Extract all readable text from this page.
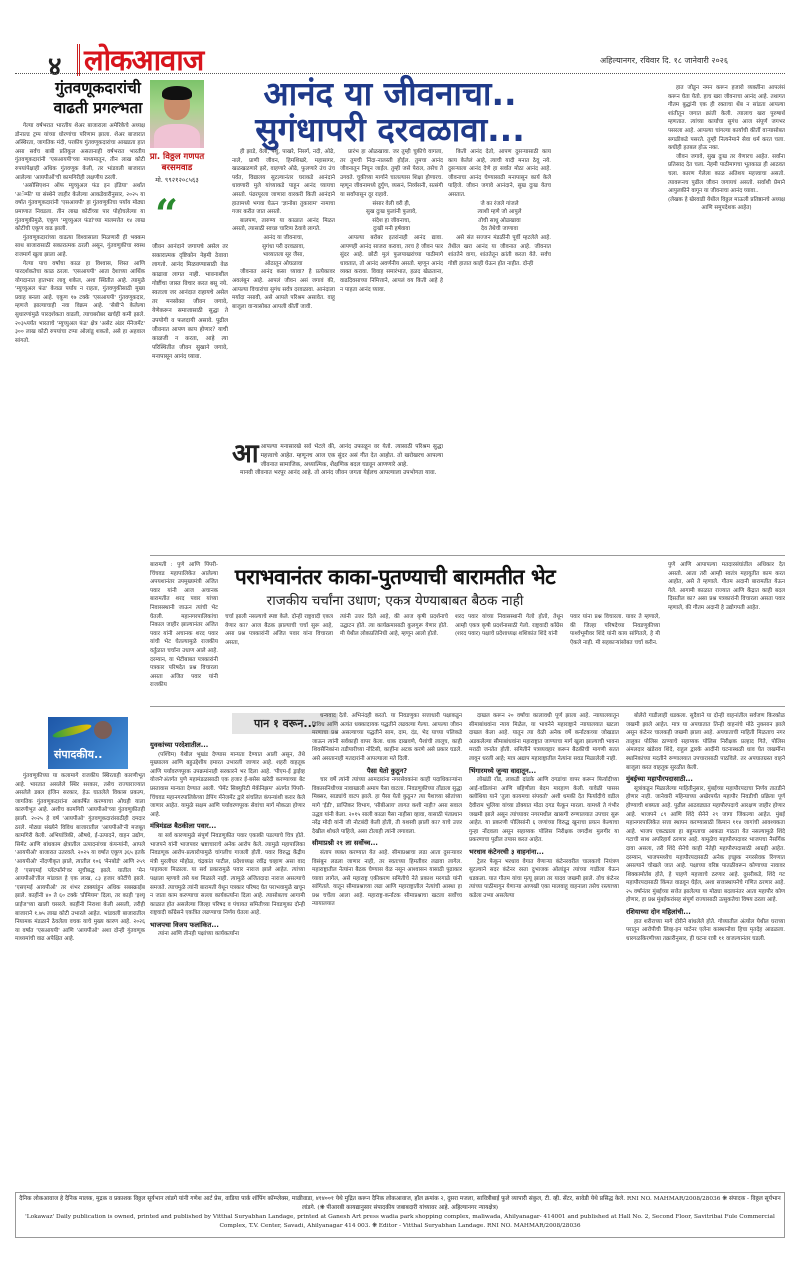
४ लोकआवाज	अहिल्यानगर, रविवार दि. १८ जानेवारी २०२६
गुंतवणूकदारांची
वाढती प्रगल्भता

गेल्या वर्षभरात भारतीय शेअर बाजाराला अमेरिकेचे अध्यक्ष डोनाल्ड ट्रम्प यांच्या धोरणांचा परिणाम झाला. शेअर बाजारात अस्थिरता, जागतिक मंदी, परकीय गुंतवणूकदारांचा आखडता हात असा सर्वच बाबी प्रतिकूल असतानाही वर्षभरात भारतीय गुंतवणूकदारांनी 'एसआयपी'च्या माध्यमातून, तीन लाख कोटी रुपयांपेक्षाही अधिक गुंतवणूक केली, तर भांडवली बाजारात आलेल्या 'आयपीओं'ची कामगिरीही लक्षणीय ठरली.

'असोसिएशन ऑफ म्युच्युअल फंड इन इंडिया' अर्थात 'अॅम्फी' या संस्थेने जाहीर केलेल्या आकडेवारीनुसार, २०२५ या वर्षात गुंतवणूकदारांनी 'एसआयपी' हा गुंतवणुकीचा पर्याय मोठ्या प्रमाणात निवडला. तीन लाख कोटींच्या पार पोहोचलेल्या या गुंतवणुकीमुळे, एकूण 'म्युच्युअल फंडां'च्या मालमत्तेत १४ लाख कोटींची एकूण वाढ झाली.

गुंतवणूकदारांच्या वाढत्या विश्वासाला मिळणारी ही भक्कम साथ बाजारासाठी सकारात्मक ठरली असून, गुंतवणुकीचा स्वस्थ राजमार्ग खुला झाला आहे.

गेल्या पाच वर्षांचा काळ हा विश्वास, शिस्त आणि पारदर्शकतेचा काळ ठरला. 'एसआयपी' आता देशाच्या आर्थिक योगदानात हातभार लावू शकेल, अशा स्थितीत आहे. त्यामुळे 'म्युच्युअल फंड' केवळ पर्याय न राहता, गुंतवणुकीसाठी मुख्य प्रवाह बनला आहे. एकूण १७ टक्के 'एसआयपी' गुंतवणूकदार, म्हणजे झाल्याचाही नवा विक्रम आहे. 'सेबी'ने केलेल्या सुधारणांमुळे पारदर्शकता वाढली, त्याचबरोबर खर्चही कमी झाले. २०३५पर्यंत भारताचे 'म्युच्युअल फंड' क्षेत्र 'असेट अंडर मॅनेजमेंट' ३०० लाख कोटी रुपयांचा टप्पा ओलांडू शकतो, असे हा अहवाल सांगतो.

संपादकीय..

गुंतवणुकीच्या या कलामागे राजकीय स्थिरताही कारणीभूत आहे. भारतात असलेले स्थिर सरकार, तसेच राज्याराज्यात असलेले डबल इंजिन सरकार, हेऊ घातलेले विकास प्रकल्प, जागतिक गुंतवणूकदारांना आकर्षित करण्याचा ओघही याला कारणीभूत आहे. अशीच कामगिरी 'आयपीओ'च्या गुंतवणुकीतही झाली. २०२५ हे वर्ष 'आयपीओ' गुंतवणूकदारांसाठीही दमदार ठरले. मोठ्या संख्येने विविध बाजारातील 'आयपीओं'नी मजबूत कामगिरी केली. अभियांत्रिकी, औषधे, ई-उत्पादने, वाहन उद्योग, सिमेंट आणि बांधकाम क्षेत्रातील उत्पादनांच्या कंपन्यांनी, आपले 'आयपीओ' बाजारात उतरवले. २०२५ या वर्षात एकूण ३६५ इतके 'आयपीओ' नोंदणीकृत झाले, त्यातील १०६ 'मेनबोर्ड' आणि २५९ हे 'एसएमई प्लॅटफॉर्म'वर सूचीबद्ध झाले. यातील 'मेन आयपीओं'तील मांडवल हे एक लाख, ८३ हजार कोटींचे झाले. 'एसएमई आयपीओ' तर शंभर टक्क्यांहून अधिक सबस्क्राईब झाले. काहींनी ४० ते ६० टक्के 'प्रीमियम' दिला, तर काही 'इश्यू प्राईज'च्या खाली घसरले. काहींनी निराशा केली असली, तरीही बाजाराने १.७५ लाख कोटी उभारले आहेत. भांडवली बाजारातील नियामक मंडळाने ठेवलेला वचक याचे मुख्य कारण आहे. २०२६ या वर्षात 'एसआयपी' आणि 'आयपीओ' अशा दोन्ही गुंतवणूक माध्यमांची वाढ अपेक्षित आहे.

प्रा. विठ्ठल गणपत
बरसमवाड
मो. ९९२१२०८५६३
“
जीवन आनंदाने जगायचे असेल तर सकारात्मक दृष्टिकोन नेहमी ठेवावा लागतो. आनंद मिळवण्यासाठी वेळ काढावा लागत नाही. भावनाशील गोष्टींचा जास्त विचार करत बसू नये. स्वतःला जर आनंदात राहायचे असेल तर मनसोक्त जीवन जगावे, येणेकरून समाजासाठी सुद्धा ते उपयोगी व फलदायी असावे. पुढील जीवनात आपण काय होणार? याची काळजी न करता, आहे त्या परिस्थितीत जीवन सुखाने जगावे, मनापासून आनंद घ्यावा.
आनंद या जीवनाचा..
सुगंधापरी दरवळावा...

ही झाडे, वेली, पशु, पाखरे, निसर्ग, नदी, ओढे, नाले, प्राणी जीवन, हिमशिखरे, महासागर, खळखळणारे झरे, वाहणारे ओढे, फुलणारे उंच उंच पर्वत, विद्यालय सुटल्यानंतर घराकडे आनंदाने धावणारी मुले यांच्याकडे पाहून आनंद घ्यायचा असतो. पंढरपूरला जाणारा वारकरी किती आनंदाने हातामध्ये भगवा घेऊन 'ज्ञानोबा तुकाराम' नामाचा गजर करीत जात असतो.

बालपण, तारुण्य या काळात आनंद मिळत असतो, त्यासाठी स्वच्छ चारित्र्य ठेवावे लागते.

आनंद या जीवनाचा,
सुगंधा परी दरवळावा,
भाव्यातला सूर जैसा,
ओठातून ओघळावा

जीवनात आनंद कसा घ्यावा? हे प्रत्येकावर अवलंबून आहे. आपलं जीवन असं जगावं की, आपल्या विचारांचा सुगंध सर्वत्र दरवळावा. आनंदाला मर्यादा नसावी, असे आपले परिश्रम असावेत. वाहू बाजूला वाऱ्यासोबत आपली कीर्ती जावी.

प्रारंभ हा ओळखावा. जर तुम्ही चुकीचे वागला, तर तुमची निंदा-नालस्ती होईल. तुमचा आनंद जीवनातून निघून जाईल. तुम्ही जसे पेराल, तसेच ते उगवते. चुकीच्या मार्गाने चालल्यास शिक्षा होणारच. म्हणून जीवनामध्ये दुर्गुण, व्यसनं, निर्व्यसनी, सत्संगी या सर्वांपासून दूर राहावे.

संसार वेली वरी ही,
सुख दुःख फुलांनी फुलावे,
संदेश हा जीवनाचा,
दुःखी मनी हर्षवावा

आपल्या बरोबर इतरांनाही आनंद द्यावा. आपणही आनंद साजरा करावा, तरच हे जीवन फार सुंदर आहे. छोटी मुलं फुलपाखरांच्या पाठीमागे धावतात, तो आनंद अवर्णनीय असतो. म्हणून आनंद व्यक्त करावा. विवाह समारंभात, हळद खेळताना, वाढदिवसाच्या निमित्ताने, आपलं वय किती आहे हे न पाहता आनंद घ्यावा.

किती आनंद देतो, आपण दुसऱ्यासाठी काय काय केलेलं आहे, त्याची यादी मनात ठेवू नये. दुसऱ्याला आनंद देणे हा सर्वात मोठा आनंद आहे. जीवनाचा आनंद घेण्यासाठी मनापासून कार्य केले पाहिजे. जीवन जगावे आनंदाने, सुख दुःख येतच असतात.

जे का रंजले गांजले
त्याशी म्हणे जो आपुले
तोची साधू ओळखावा
देव तेथेची जाणावा

असे संत सज्जन मंडळींनी पूर्वी म्हटलेले आहे. तेथील खरा आनंद या जीवनात आहे. जीवनात शांततेने वागा, शांततेतून क्रांती करता येते. सर्वच गोष्टी हातात काही घेऊन होत नाहीत. दोन्ही

हात जोडून नमन करून हजारो व्यक्तींना आपलंसं करून घेता येतो. हाच खरा जीवनाचा आनंद आहे. तथागत गौतम बुद्धांनी एक ही रक्ताचा थेंब न सांडता आपल्या शांतीतून जगात क्रांती केली. त्यालाच खरा पुरुषार्थ म्हणतात. त्यांच्या कार्याचा सुगंध आज संपूर्ण जगभर पसरला आहे. आपल्या चांगल्या कार्याची कीर्ती वाऱ्यासोबत सगळीकडे पसरते. तुम्ही नित्यनेमाने सेवा धर्म करत चला. कधीही हतबल होऊ नका.

जीवन जगावे, सुख दुःख तर येणारच आहेत. सर्वांना प्रतिसाद देत चला. नेहमी पाठीमागचा भूतकाळ ही आठवत चला. कारण गेलेला काळ अतिशय महत्त्वाचा असतो. त्यावरूनच पुढील जीवन जगायचं असतो. सर्वांशी प्रेमाने आपुलकीने वागून या जीवनाचा आनंद घ्यावा..

(लेखक हे खेरवाडी येथील विठ्ठल माऊली प्रतिष्ठानचे अध्यक्ष आणि समुपदेशक आहेत)
आ आपल्या मनासारखे सर्व भेटले की, आनंद उफाळून वर येतो. त्यासाठी परिश्रम सुद्धा महत्त्वाचे आहेत. म्हणूनच आज एक सुंदर असं गीत देत आहोत. तो खरोखरच आपल्या जीवनात सामाजिक, अध्यात्मिक, शैक्षणिक बदल घडवून आणणारे आहे.

मानवी जीवनात भरपूर आनंद आहे. तो आनंद जीवन जगता येईलच आपल्याला उपभोगता यावा.

पराभवानंतर काका-पुतण्याची बारामतीत भेट
राजकीय चर्चांना उधाण; एकत्र येण्याबाबत बैठक नाही
बारामती : पुणे आणि पिंपरी-चिंचवड महापालिकेत आलेल्या अपयशानंतर उपमुख्यमंत्री अजित पवार यांनी आज अचानक बारामतीत शरद पवार यांच्या निवासस्थानी जाऊन त्यांची भेट घेतली. महानगरपालिकांचा निकाल जाहीर झाल्यानंतर अजित पवार यांनी अचानक शरद पवार यांची भेट घेतल्यामुळे राजकीय वर्तुळात चर्चांना उधाण आले आहे. दरम्यान, या भेटीबाबत पत्रकारांनी पत्रकार परिषदेत प्रश्न विचारला असता अजित पवार यांनी राजकीय
चर्चा झाली नसल्याचे स्पष्ट केले. दोन्ही राष्ट्रवादी एकत्र येणार का? आज बैठक झाल्याची चर्चा सुरू आहे, असा प्रश्न पत्रकारांनी अजित पवार यांना विचारला असता,
त्यांनी उत्तर दिले आहे, की आज कृषी प्रदर्शनाचे उद्घाटन होते. त्या कार्यक्रमासाठी कुलगुरू येणार होते. मी येथील लोकप्रतिनिधी आहे, म्हणून आलो होतो.
शरद पवार यांच्या निवासस्थानी गेलो होतो, तेथून आम्ही एकत्र कृषी प्रदर्शनासाठी गेलो. राष्ट्रवादी काँग्रेस (शरद पवार) पक्षाचे प्रदेशाध्यक्ष शशिकांत शिंदे यांनी
पवार यांना प्रश्न विचारला. यावर ते म्हणाले, की जिल्हा परिषदेच्या निवडणुकीच्या पार्श्वभूमीवर शिंदे यांनी काय सांगितले, हे मी ऐकले नाही. मी सहकाऱ्यांसोबत चर्चा करीन.
पुणे आणि आपापल्या मतदारसंघांतील अधिकार देत असतो. आता तरी आम्ही स्वतंत्र महायुतीत काम करत आहोत, असे ते म्हणाले. गौतम अदानी बारामतीत येऊन गेले. आगामी काळात राज्यात आणि केंद्रात काही बदल दिसतील का? असा प्रश्न पत्रकारांनी विचारला असता पवार म्हणाले, की गौतम अदानी हे उद्योगपती आहेत.
पान १ वरून...
युवकांच्या परदेशातील...

(पश्चिम) येथील भूखंड देण्यास मान्यता देण्यात आली असून, तेथे मुख्यालय आणि बहुउद्देशीय इमारत उभारली जाणार आहे. शहरी वाहतूक आणि पर्यावरणपूरक उपक्रमांनाही सरकारने भर दिला आहे. 'पीएम-ई ड्राईव्ह योजने'अंतर्गत पुणे महामंडळासाठी एक हजार ई-बसेस खरेदी करण्याच्या बेट प्रस्तावास मान्यता देण्यात आली. 'पेमेंट सिक्युरिटी मेकॅनिझम' अंतर्गत पिंपरी-चिंचवड महानगरपालिकेच्या डेपिंग मॅनेजमेंट द्वारे संचलित कंपन्यांशी करार केले जाणार आहेत. यामुळे सक्षम आणि पर्यावरणपूरक सेवांचा मार्ग मोकळा होणार आहे.

मंत्रिमंडळ बैठकीला पवार...

या सर्व कारणामुळे संपूर्ण निवडणुकीत पवार एकाकी पडल्याचे चित्र होते. भाजपने यांनी भाजपवर भ्रष्टाचाराचे अनेक आरोप केले. त्यामुळे महापालिका निवडणूक आरोप-प्रत्यारोपामुळे चांगलीच गाजली होती. पवार विरुद्ध केंद्रीय मंत्री मुरलीधर मोहोळ, चंद्रकांत पाटील, प्रदेशाध्यक्ष रवींद्र चव्हाण असा वाद पाहायला मिळाला. या सर्व प्रकारामुळे पवार नाराज झाले आहेत. त्यांच्या पक्षाला म्हणावे तसे यश मिळाले नाही. त्यामुळे अजितदादा नाराज असल्याचे समजते. त्याचमुळे त्यांनी बारामती येथून पत्रकार परिषद घेत पराभवामुळे खचून न जाता काम करण्याचा सल्ला कार्यकर्त्यांना दिला आहे. त्यासोबतच आगामी काळात होत असलेल्या जिल्हा परिषद व पंचायत समितीच्या निवडणुका दोन्ही राष्ट्रवादी काँग्रेसने एकत्रित लढण्याचा निर्णय घेतला आहे.

भाजपचा विजय फलांकित...

त्यांना आणि तीनही पक्षांच्या कार्यकर्त्यांना

धन्यवाद देतो. अभिनंदही करतो. या निवडणुका सत्ताधारी पक्षाकडून विविध आणि अत्यंत धक्कादायक पद्धतीने लढवल्या गेल्या. आपल्या जीवन मरणाचा प्रश्न असल्याच्या पद्धतीने साम, दाम, दंड, भेद याच्या पलिकडे जाऊन त्यांनी सर्वकाही वापर केला. धाक दाखवणे, पैशांची लालूच, काही शिवसैनिकांना तडीपारीच्या नोटिसी, काहींना अटक करणे असे प्रकार घडले. असे असतानाही मतदारांनी आपल्याला मते दिली.

पैसा येतो कुठून?

चार वर्षे त्यांनी त्यांच्या आमदारांना नगरसेवकांना काही पदाधिकाऱ्यांना विकासनिधीच्या नावाखाली अमाप पैसा वाटला. निवडणुकीच्या तोंडाला सुद्धा मिक्सर, साड्यांचे वाटप झाले. हा पैसा येतो कुठून? त्या पैशाच्या स्रोतांच्या मागे 'ईडी', प्राप्तिकर विभाग, 'सीबीआय' लागत कशी नाही? असा सवाल उद्धव यांनी केला. २०१५ साली काळा पैसा नाहीसा व्हावा, यासाठी पंतप्रधान नरेंद्र मोदी यांनी जी नोटबंदी केली होती, ती यशस्वी झाली का? याचे उत्तर देखील शोधले पाहिजे, असा टोलाही त्यांनी लगावला.

सीमाप्रश्नी २१ ला सर्वोच्च...

संताप व्यक्त करण्यात येत आहे. सीमाप्रश्नाचा लढा आता दुसऱ्यावर विसंबून लढला जाणार नाही, तर स्वतःच्या हिमतीवर लढावा लागेल. महाराष्ट्रातील नेत्यांना बैठक घेण्यास वेळ नसून आश्वासन यासाठी पुढाकार घ्यावा लागेल, असे महाराष्ट्र एकीकरण समितीचे नेते प्रकाश मरगाळे यांनी सांगितले. यातून सीमाप्रश्नाच्या लढा आणि महाराष्ट्रातील नेत्यांची आस्था हा प्रश्न चर्चेला आला आहे. महाराष्ट्र-कर्नाटक सीमाप्रश्नाचा खटला सर्वोच्च न्यायालयात

दाखल करून २० वर्षांचा कालावधी पूर्ण झाला आहे. न्यायालयातून सीमाबांधवांना न्याय मिळेल, या भावनेने महाराष्ट्राने न्यायालयात खटला दाखल केला आहे. यातून त्या वेळी अनेक वर्षे कर्नाटकच्या जोखडात अडकलेल्या सीमाबांधवांना महाराष्ट्रात जाण्याचा मार्ग खुला झाल्याची भावना मराठी जनतेत होती. समितीने पत्रव्यवहार करून बैठकीची मागणी सतत लावून धरली आहे; मात्र अद्याप महाराष्ट्रातील नेत्यांना सवड मिळालेली नाही.

भिंगारमध्ये जुन्या वादातून...

लोखंडी रॉड, लाकडी दांडके आणि दगडांचा वापर करून फिर्यादीच्या आई-वडिलांना आणि बहिणीला बेदम मारहाण केली. यावेळी पासस क्लोथिया याने 'तुला कायमचा संपवतो' अशी धमकी देत फिर्यादीचे वडील देवीराम भुलिया यांच्या डोक्यात मोठा दगड फेकून मारला. यामध्ये ते गंभीर जखमी झाले असून त्यांच्यावर नगरमधील खासगी रुग्णालयात उपचार सुरू आहेत. या प्रकरणी पोलिसांनी ६ जणांच्या विरुद्ध खुनाचा प्रयत्न केल्याचा गुन्हा नोंदवला असून सहाय्यक पोलिस निरीक्षक जगदीश मुलगीर या प्रकरणाचा पुढील तपास करत आहेत.

भरधाव कंटेनरची ३ वाहनांना...

ट्रेलर फेकून भरधाव वेगात येणाऱ्या कंटेनरवरील चालकाचे नियंत्रण सुटल्याने सदर कंटेनर रस्ता दुभाजक ओलांडून त्यांच्या गाडीला येऊन धडकला. यात गौतम यांचा मृत्यू झाला तर यादव जखमी झाले. तोच कंटेनर त्यांच्या पाठीमागून येणाऱ्या आणखी एका मालवाहू वाहनाला तसेच रस्त्याच्या कडेला उभ्या असलेल्या

बोलेरो गाडीलाही धडकला. सुदैवाने या दोन्ही वाहनांतील सर्वजण किरकोळ जखमी झाले आहेत. मात्र या अपघातात तिन्ही वाहनांचे मोठे नुकसान झाले असून कंटेनर चालकही जखमी झाला आहे. अपघाताची माहिती मिळताच नगर तालुका पोलिस ठाण्याचे सहाय्यक पोलिस निरीक्षक प्रल्हाद गिते, पोलिस अंमलदार खंडेराव शिंदे, राहुल द्वारके आदींनी घटनास्थळी धाव घेत जखमींना स्थानिकांच्या मदतीने रुग्णालयात उपचारासाठी पाठविले. तर अपघातग्रस्त वाहने बाजूला करत वाहतूक सुरळीत केली.

मुंबईच्या महापौरपदासाठी...

सूत्रांकडून मिळालेल्या माहितीनुसार, मुंबईच्या महापौरपदाचा निर्णय तातडीने होणार नाही. जानेवारी महिन्याच्या अखेरपर्यंत महापौर निवडीची प्रक्रिया पूर्ण होण्याची शक्यता आहे. पुढील आठवड्यात महापौरपदाचे आरक्षण जाहीर होणार आहे. भाजपने ८९ आणि शिंदे सेनेने २९ जागा जिंकल्या आहेत. मुंबई महानगरपालिकेत सत्ता स्थापन करण्यासाठी किमान ११४ जागांची आवश्यकता आहे. भाजप एकट्याला हा बहुमताचा आकडा गाठता येत नसल्यामुळे शिंदे गटाची साथ अपरिहार्य ठरणार आहे. यामुळेच महापौरपदावर भाजपचा नैसर्गिक दावा असला, तरी शिंदे सेनेचे काही नेतेही महापौरपदासाठी आग्रही आहेत. दरम्यान, भाजपमध्येच महापौरपदासाठी अनेक इच्छुक नगरसेवक रिंगणात असल्याने चोखले जात आहे. पक्षाच्या वरिष्ठ पातळीवरून कोणाच्या नावावर शिक्कामोर्तब होते, हे पाहणे महत्त्वाचे ठरणार आहे. दुसरीकडे, शिंदे गट महापौरपदासाठी किंमत वाढवून घेईल, अशा सत्तास्थापनेचे गणित ठरणार आहे. २५ वर्षांनंतर मुंबईच्या सत्तेत झालेल्या या मोठ्या बदलानंतर आता महापौर कोण होणार, हा प्रश्न मुंबईकरांसह संपूर्ण राज्यासाठी उत्सुकतेचा विषय ठरला आहे.

रशियाच्या दोन महिलांची...

हात शरीराच्या मागे दोरीने बांधलेले होते. गोव्यातील अंत्योल येथील घराच्या परातून आरोपीची लिव्ह-इन पार्टनर एलेना कास्थानोवा हिचा मृतदेह आढळला. धारगळकिरणीच्या तक्रारीनुसार, ही घटना रात्री ११ वाजल्यानंतर घडली.

दैनिक लोकआवाज हे दैनिक मालक, मुद्रक व प्रकाशक विठ्ठल सूर्यभान लांडगे यांनी गणेश आर्ट प्रेस, वाडिया पार्क शॉपिंग कॉम्प्लेक्स, माळीवाडा, ४१४००१ येथे मुद्रित करून दैनिक लोकआवाज, हॉल क्रमांक २, दुसरा मजला, सावित्रीबाई फुले व्यापारी संकुल, टी. व्ही. सेंटर, सावेडी येथे प्रसिद्ध केले. RNI NO. MAHMAR/2008/28036 ❋ संपादक - विठ्ठल सूर्यभान लांडगे. (❋ पीआरबी कायद्यानुसार संपादकीय जबाबदारी यांच्यावर आहे. अहिल्यानगर न्यायक्षेत्र)
'Lokawaz' Daily publication is owned, printed and published by Vitthal Suryabhan Landage, printed at Ganesh Art press wadia park shopping complex, maliwada, Ahilyanagar- 414001 and published at Hall No. 2, Second Floor, Savitribai Fule Commercial Complex, T.V. Center, Savadi, Ahilyanagar 414 003. ❋ Editor - Vitthal Suryabhan Landage. RNI NO. MAHMAR/2008/28036
